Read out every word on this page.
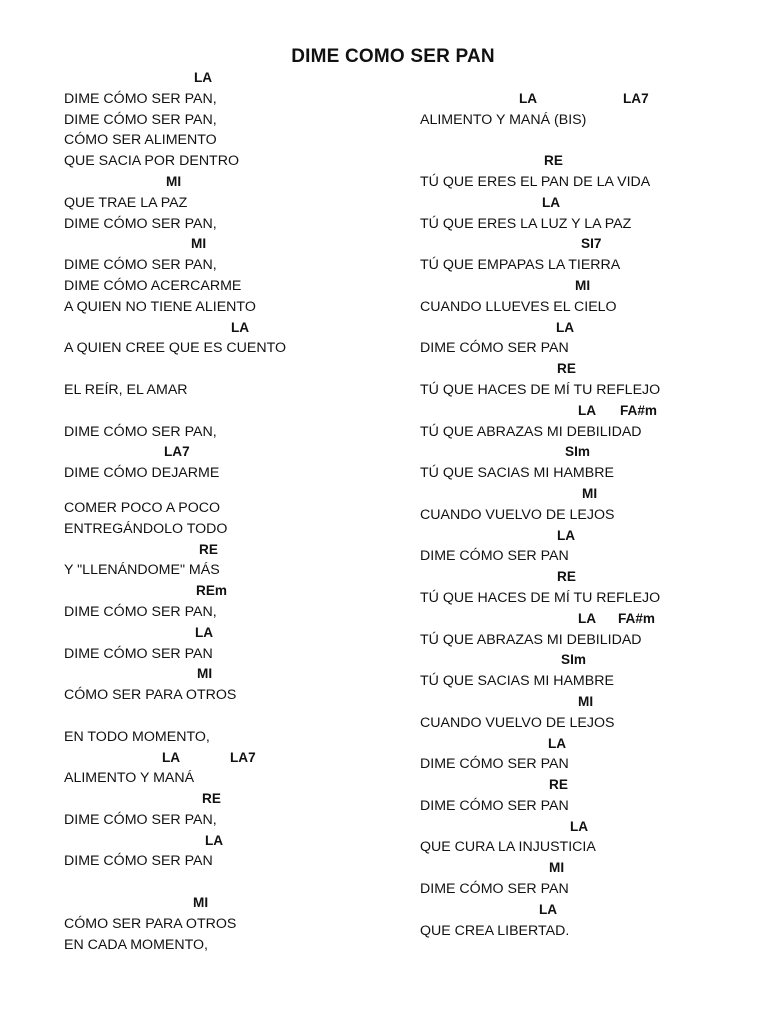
DIME COMO SER PAN
LA
DIME CÓMO SER PAN,
DIME CÓMO SER PAN,
CÓMO SER ALIMENTO
QUE SACIA POR DENTRO
MI
QUE TRAE LA PAZ
DIME CÓMO SER PAN,
MI
DIME CÓMO SER PAN,
DIME CÓMO ACERCARME
A QUIEN NO TIENE ALIENTO
LA
A QUIEN CREE QUE ES CUENTO
EL REÍR, EL AMAR
DIME CÓMO SER PAN,
LA7
DIME CÓMO DEJARME
COMER POCO A POCO
ENTREGÁNDOLO TODO
RE
Y "LLENÁNDOME" MÁS
REm
DIME CÓMO SER PAN,
LA
DIME CÓMO SER PAN
MI
CÓMO SER PARA OTROS
EN TODO MOMENTO,

LA

	LA7

ALIMENTO Y MANÁ
RE
DIME CÓMO SER PAN,
LA
DIME CÓMO SER PAN
MI
CÓMO SER PARA OTROS
EN CADA MOMENTO,

LA

	LA7

ALIMENTO Y MANÁ (BIS)
RE
TÚ QUE ERES EL PAN DE LA VIDA
LA
TÚ QUE ERES LA LUZ Y LA PAZ
SI7
TÚ QUE EMPAPAS LA TIERRA
MI
CUANDO LLUEVES EL CIELO
LA
DIME CÓMO SER PAN
RE
TÚ QUE HACES DE MÍ TU REFLEJO

LA

FA#m

TÚ QUE ABRAZAS MI DEBILIDAD
SIm
TÚ QUE SACIAS MI HAMBRE
MI
CUANDO VUELVO DE LEJOS
LA
DIME CÓMO SER PAN
RE
TÚ QUE HACES DE MÍ TU REFLEJO

LA

FA#m

TÚ QUE ABRAZAS MI DEBILIDAD
SIm
TÚ QUE SACIAS MI HAMBRE
MI
CUANDO VUELVO DE LEJOS
LA
DIME CÓMO SER PAN
RE
DIME CÓMO SER PAN
LA
QUE CURA LA INJUSTICIA
MI
DIME CÓMO SER PAN
LA
QUE CREA LIBERTAD.
